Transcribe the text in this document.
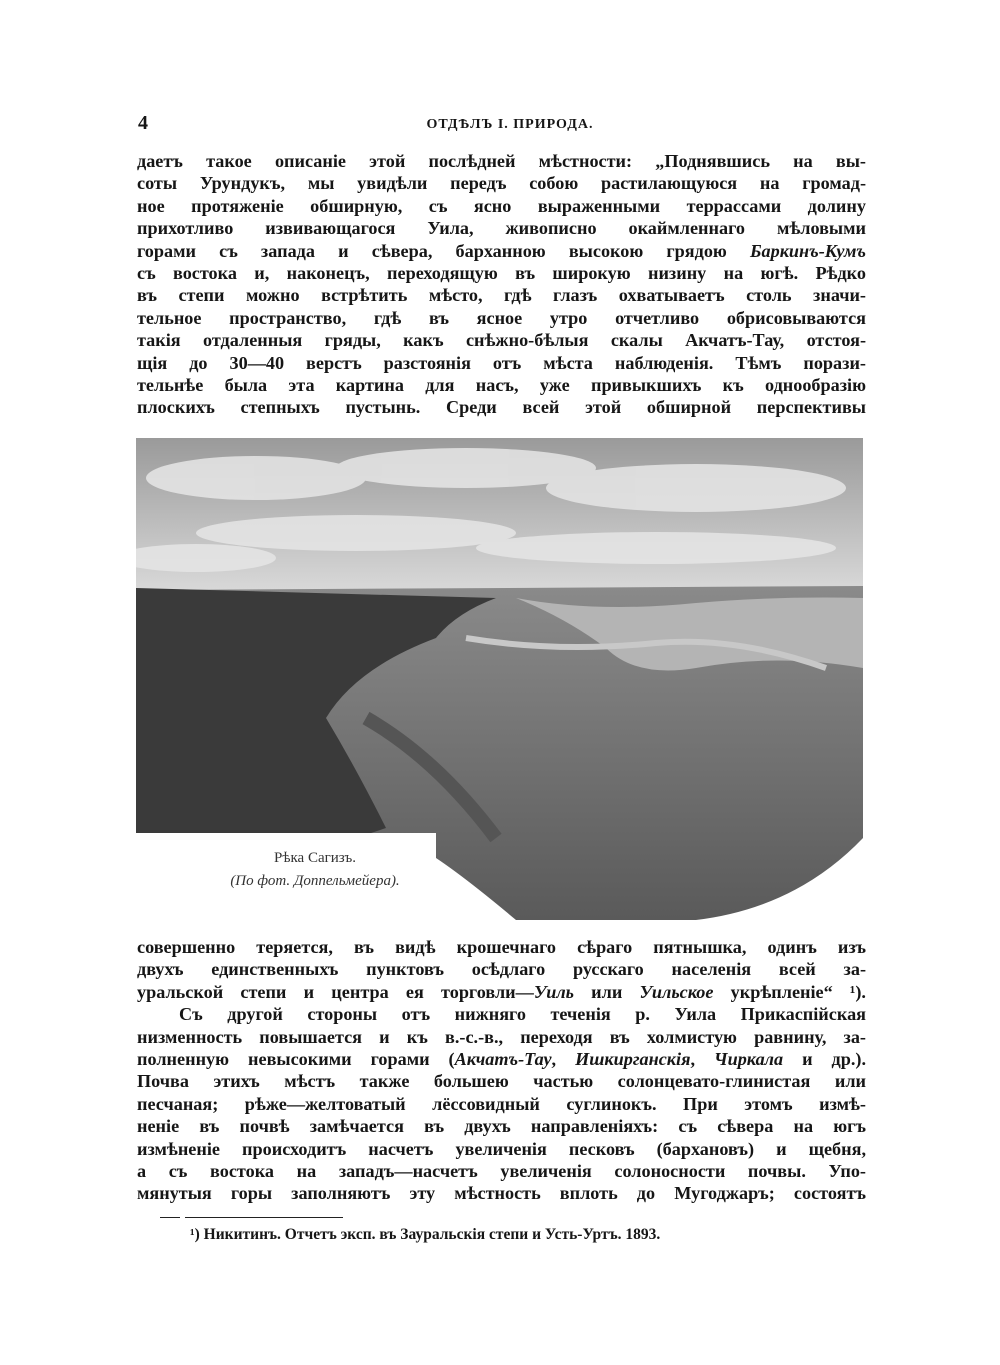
4	ОТДѢЛЪ I. ПРИРОДА.
даетъ такое описаніе этой послѣдней мѣстности: „Поднявшись на вы-
соты Урундукъ, мы увидѣли передъ собою растилающуюся на громад-
ное протяженіе обширную, съ ясно выраженными террассами долину
прихотливо извивающагося Уила, живописно окаймленнаго мѣловыми
горами съ запада и сѣвера, барханною высокою грядою Баркинъ-Кумъ
съ востока и, наконецъ, переходящую въ широкую низину на югѣ. Рѣдко
въ степи можно встрѣтить мѣсто, гдѣ глазъ охватываетъ столь значи-
тельное пространство, гдѣ въ ясное утро отчетливо обрисовываются
такія отдаленныя гряды, какъ снѣжно-бѣлыя скалы Акчатъ-Тау, отстоя-
щія до 30—40 верстъ разстоянія отъ мѣста наблюденія. Тѣмъ порази-
тельнѣе была эта картина для насъ, уже привыкшихъ къ однообразію
плоскихъ степныхъ пустынь. Среди всей этой обширной перспективы
Рѣка Сагизъ.
(По фот. Доппельмейера).
совершенно теряется, въ видѣ крошечнаго сѣраго пятнышка, одинъ изъ
двухъ единственныхъ пунктовъ осѣдлаго русскаго населенія всей за-
уральской степи и центра ея торговли—Уиль или Уильское укрѣпленіе“ ¹).
Съ другой стороны отъ нижняго теченія р. Уила Прикаспійская
низменность повышается и къ в.-с.-в., переходя въ холмистую равнину, за-
полненную невысокими горами (Акчатъ-Тау, Ишкирганскія, Чиркала и др.).
Почва этихъ мѣстъ также большею частью солонцевато-глинистая или
песчаная; рѣже—желтоватый лёссовидный суглинокъ. При этомъ измѣ-
неніе въ почвѣ замѣчается въ двухъ направленіяхъ: съ сѣвера на югъ
измѣненіе происходитъ насчетъ увеличенія песковъ (бархановъ) и щебня,
а съ востока на западъ—насчетъ увеличенія солоносности почвы. Упо-
мянутыя горы заполняютъ эту мѣстность вплоть до Мугоджаръ; состоятъ
¹) Никитинъ. Отчетъ эксп. въ Зауральскія степи и Усть-Уртъ. 1893.
